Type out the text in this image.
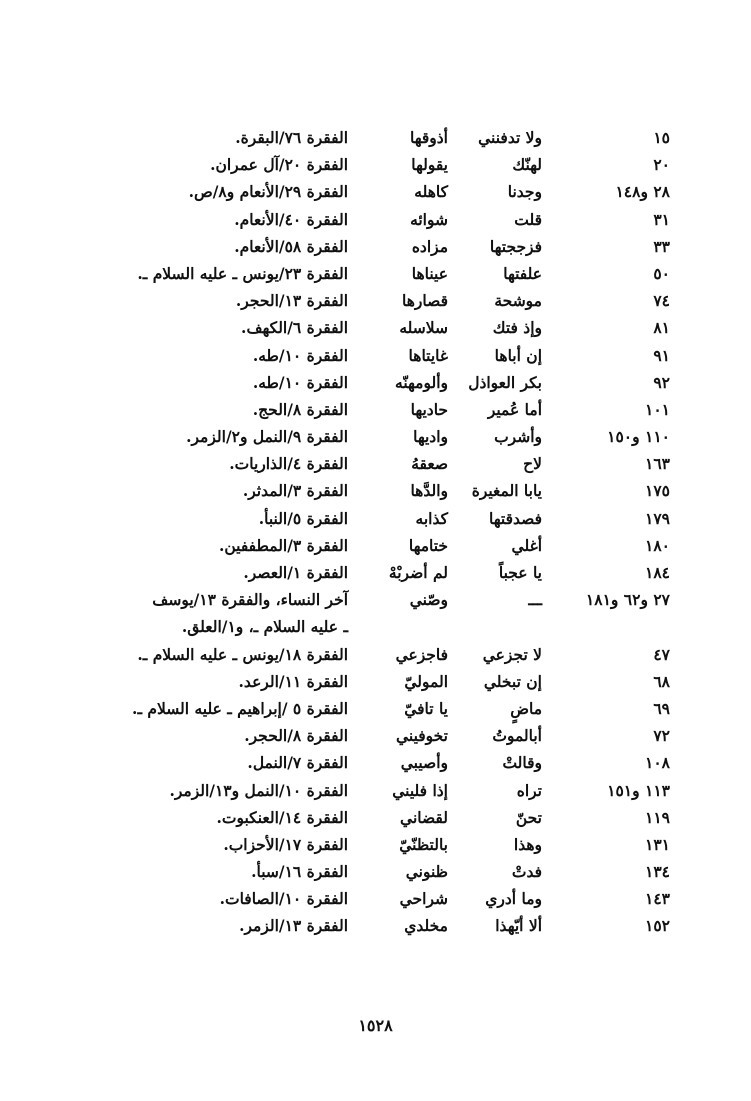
١٥
ولا تدفنني
أذوقها
الفقرة ٧٦/البقرة.
٢٠
لهنّك
يقولها
الفقرة ٢٠/آل عمران.
٢٨ و١٤٨
وجدنا
كاهله
الفقرة ٢٩/الأنعام و٨/ص.
٣١
قلت
شوائه
الفقرة ٤٠/الأنعام.
٣٣
فزججتها
مزاده
الفقرة ٥٨/الأنعام.
٥٠
علفتها
عيناها
الفقرة ٢٣/يونس ـ عليه السلام ـ.
٧٤
موشحة
قصارها
الفقرة ١٣/الحجر.
٨١
وإذ فتك
سلاسله
الفقرة ٦/الكهف.
٩١
إن أباها
غايتاها
الفقرة ١٠/طه.
٩٢
بكر العواذل
وألومهنّه
الفقرة ١٠/طه.
١٠١
أما عُمير
حاديها
الفقرة ٨/الحج.
١١٠ و١٥٠
وأشرب
واديها
الفقرة ٩/النمل و٢/الزمر.
١٦٣
لاح
صعقهُ
الفقرة ٤/الذاريات.
١٧٥
يابا المغيرة
والدَّها
الفقرة ٣/المدثر.
١٧٩
فصدقتها
كذابه
الفقرة ٥/النبأ.
١٨٠
أغلي
ختامها
الفقرة ٣/المطففين.
١٨٤
يا عجباً
لم أضربْهْ
الفقرة ١/العصر.
٢٧ و٦٢ و١٨١
ـــ
وصّني
آخر النساء، والفقرة ١٣/يوسف
ـ عليه السلام ـ، و١/العلق.
٤٧
لا تجزعي
فاجزعي
الفقرة ١٨/يونس ـ عليه السلام ـ.
٦٨
إن تبخلي
الموليّ
الفقرة ١١/الرعد.
٦٩
ماضٍ
يا تافيّ
الفقرة ٥ /إبراهيم ـ عليه السلام ـ.
٧٢
أبالموتُ
تخوفيني
الفقرة ٨/الحجر.
١٠٨
وقالتْ
وأصيبي
الفقرة ٧/النمل.
١١٣ و١٥١
تراه
إذا فليني
الفقرة ١٠/النمل و١٣/الزمر.
١١٩
تحنّ
لقضاني
الفقرة ١٤/العنكبوت.
١٣١
وهذا
بالتظنّيّ
الفقرة ١٧/الأحزاب.
١٣٤
فدتْ
ظنوني
الفقرة ١٦/سبأ.
١٤٣
وما أدري
شراحي
الفقرة ١٠/الصافات.
١٥٢
ألا أيّهذا
مخلدي
الفقرة ١٣/الزمر.
١٥٢٨
